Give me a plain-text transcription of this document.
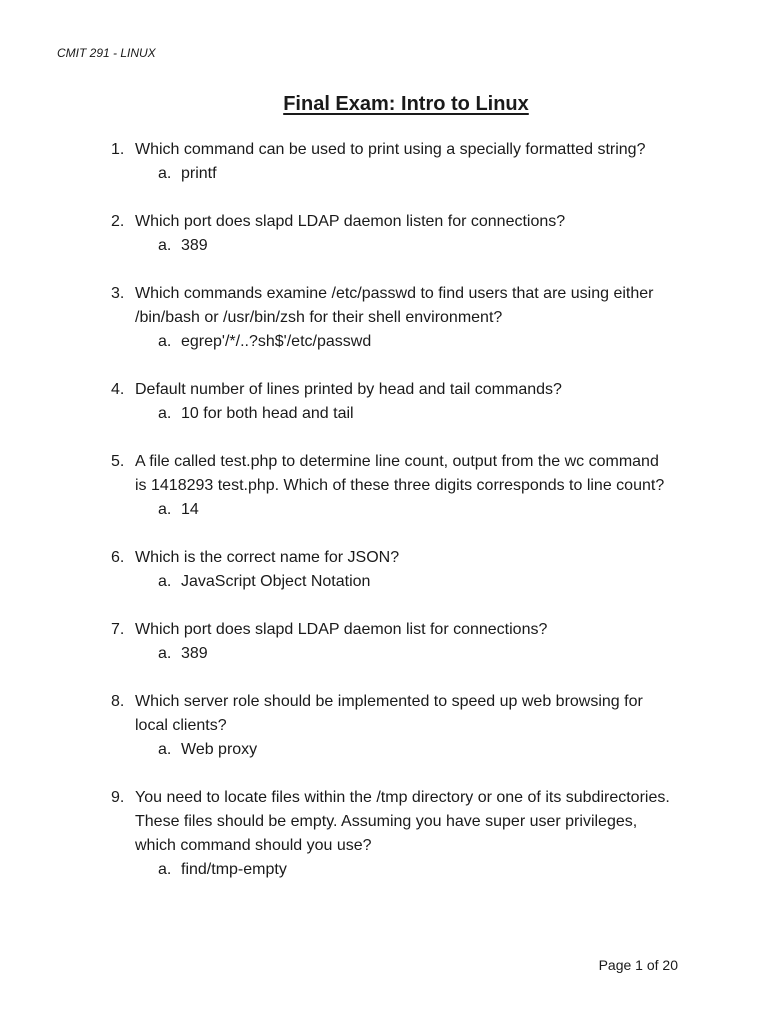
CMIT 291 - LINUX
Final Exam: Intro to Linux
1. Which command can be used to print using a specially formatted string?
a. printf
2. Which port does slapd LDAP daemon listen for connections?
a. 389
3. Which commands examine /etc/passwd to find users that are using either /bin/bash or /usr/bin/zsh for their shell environment?
a. egrep'/*/..?sh$'/etc/passwd
4. Default number of lines printed by head and tail commands?
a. 10 for both head and tail
5. A file called test.php to determine line count, output from the wc command is 1418293 test.php. Which of these three digits corresponds to line count?
a. 14
6. Which is the correct name for JSON?
a. JavaScript Object Notation
7. Which port does slapd LDAP daemon list for connections?
a. 389
8. Which server role should be implemented to speed up web browsing for local clients?
a. Web proxy
9. You need to locate files within the /tmp directory or one of its subdirectories. These files should be empty. Assuming you have super user privileges, which command should you use?
a. find/tmp-empty
Page 1 of 20
